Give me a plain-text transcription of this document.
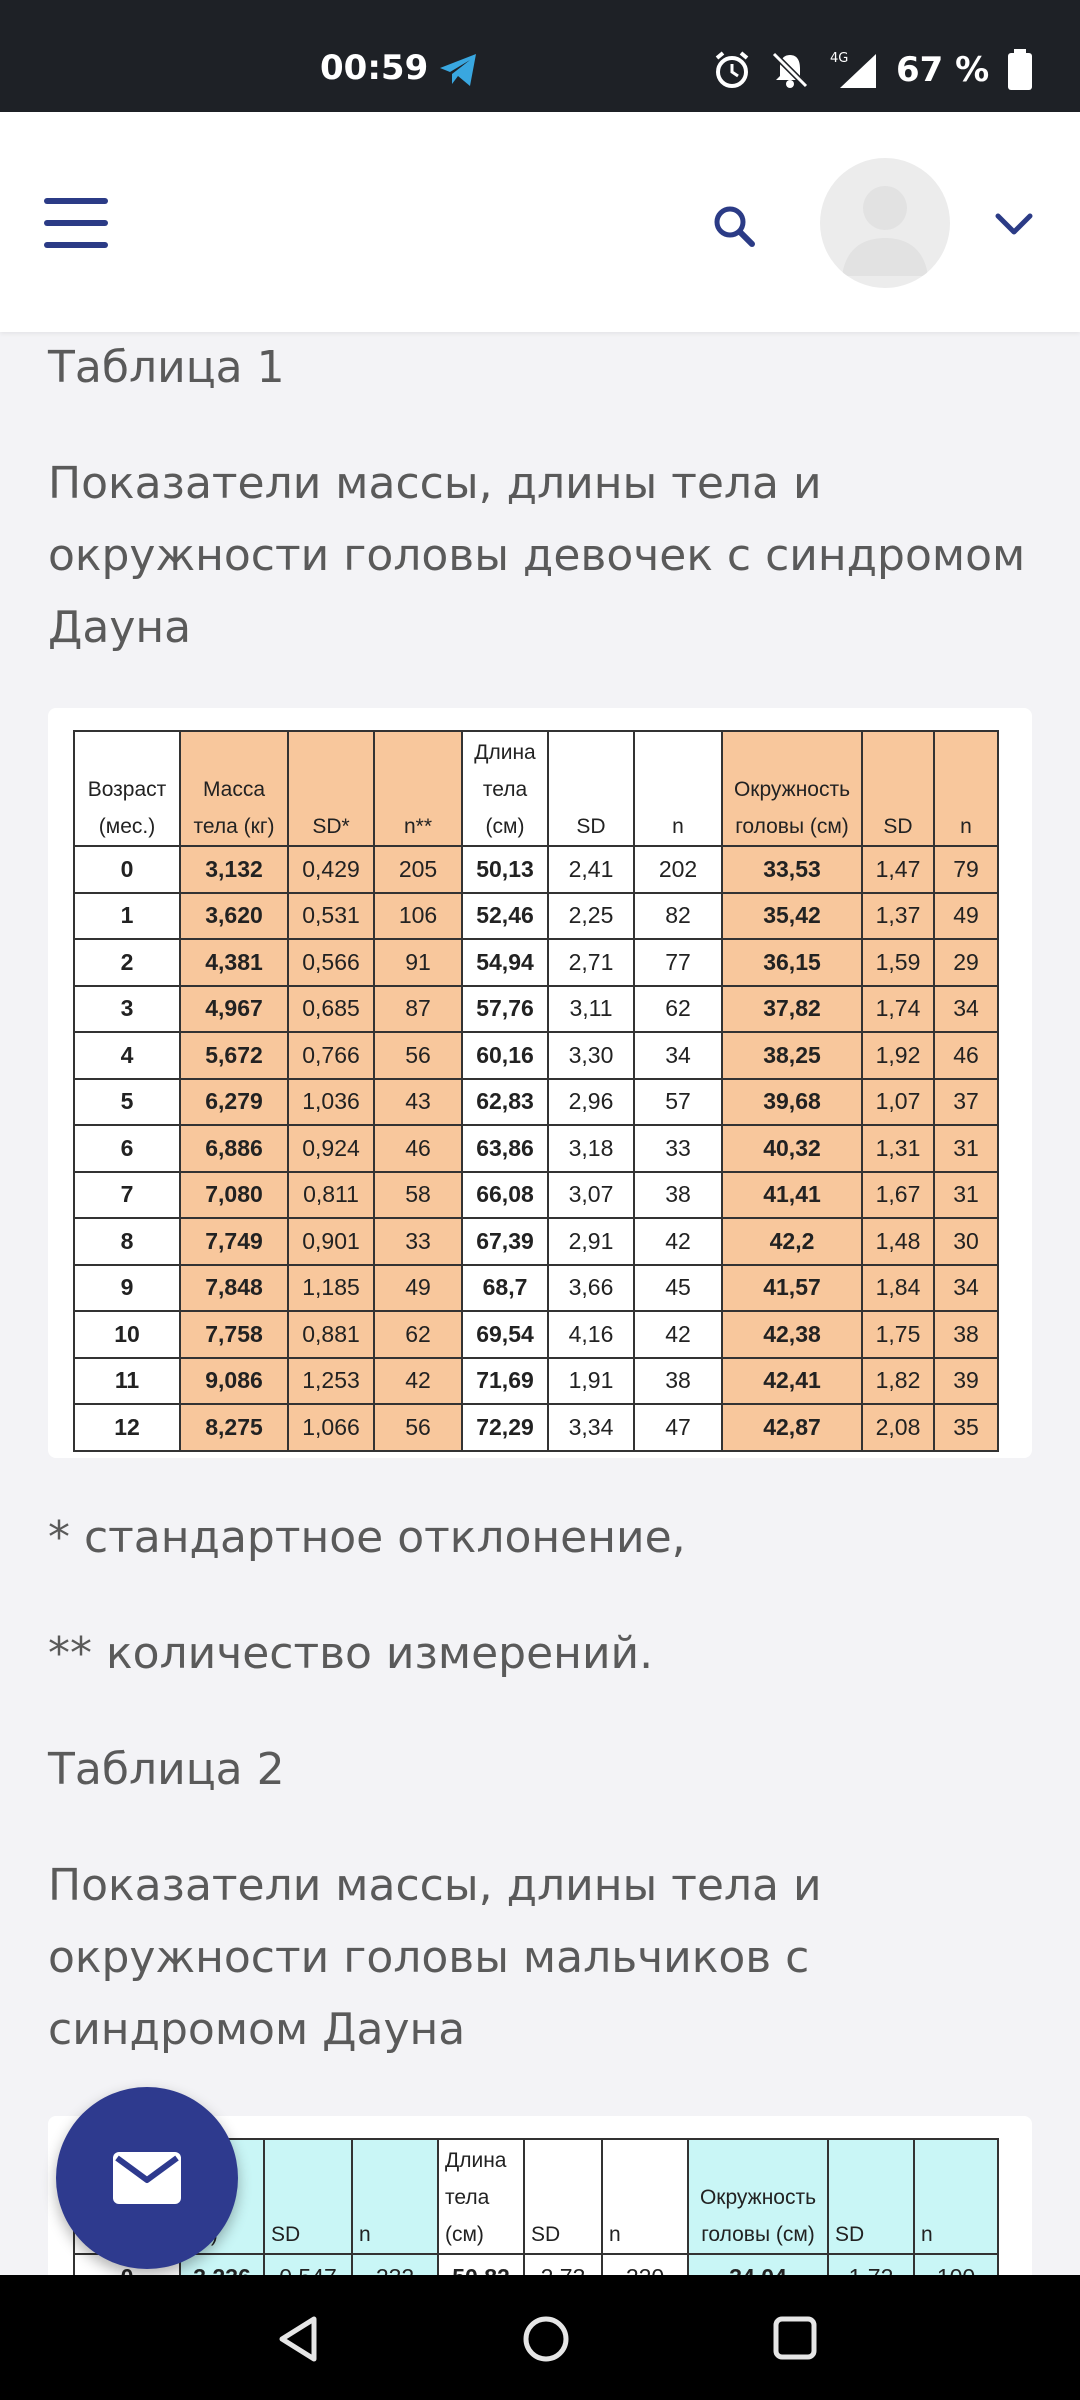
00:59	4G 67 %

Таблица 1

Показатели массы, длины тела и окружности головы девочек с синдромом Дауна

Возраст (мес.)	Масса тела (кг)	SD*	n**	Длина тела (см)	SD	n	Окружность головы (см)	SD	n
0	3,132	0,429	205	50,13	2,41	202	33,53	1,47	79
1	3,620	0,531	106	52,46	2,25	82	35,42	1,37	49
2	4,381	0,566	91	54,94	2,71	77	36,15	1,59	29
3	4,967	0,685	87	57,76	3,11	62	37,82	1,74	34
4	5,672	0,766	56	60,16	3,30	34	38,25	1,92	46
5	6,279	1,036	43	62,83	2,96	57	39,68	1,07	37
6	6,886	0,924	46	63,86	3,18	33	40,32	1,31	31
7	7,080	0,811	58	66,08	3,07	38	41,41	1,67	31
8	7,749	0,901	33	67,39	2,91	42	42,2	1,48	30
9	7,848	1,185	49	68,7	3,66	45	41,57	1,84	34
10	7,758	0,881	62	69,54	4,16	42	42,38	1,75	38
11	9,086	1,253	42	71,69	1,91	38	42,41	1,82	39
12	8,275	1,066	56	72,29	3,34	47	42,87	2,08	35

* стандартное отклонение,

** количество измерений.

Таблица 2

Показатели массы, длины тела и окружности головы мальчиков с синдромом Дауна

		SD	n	Длина тела (см)	SD	n	Окружность головы (см)	SD	n
